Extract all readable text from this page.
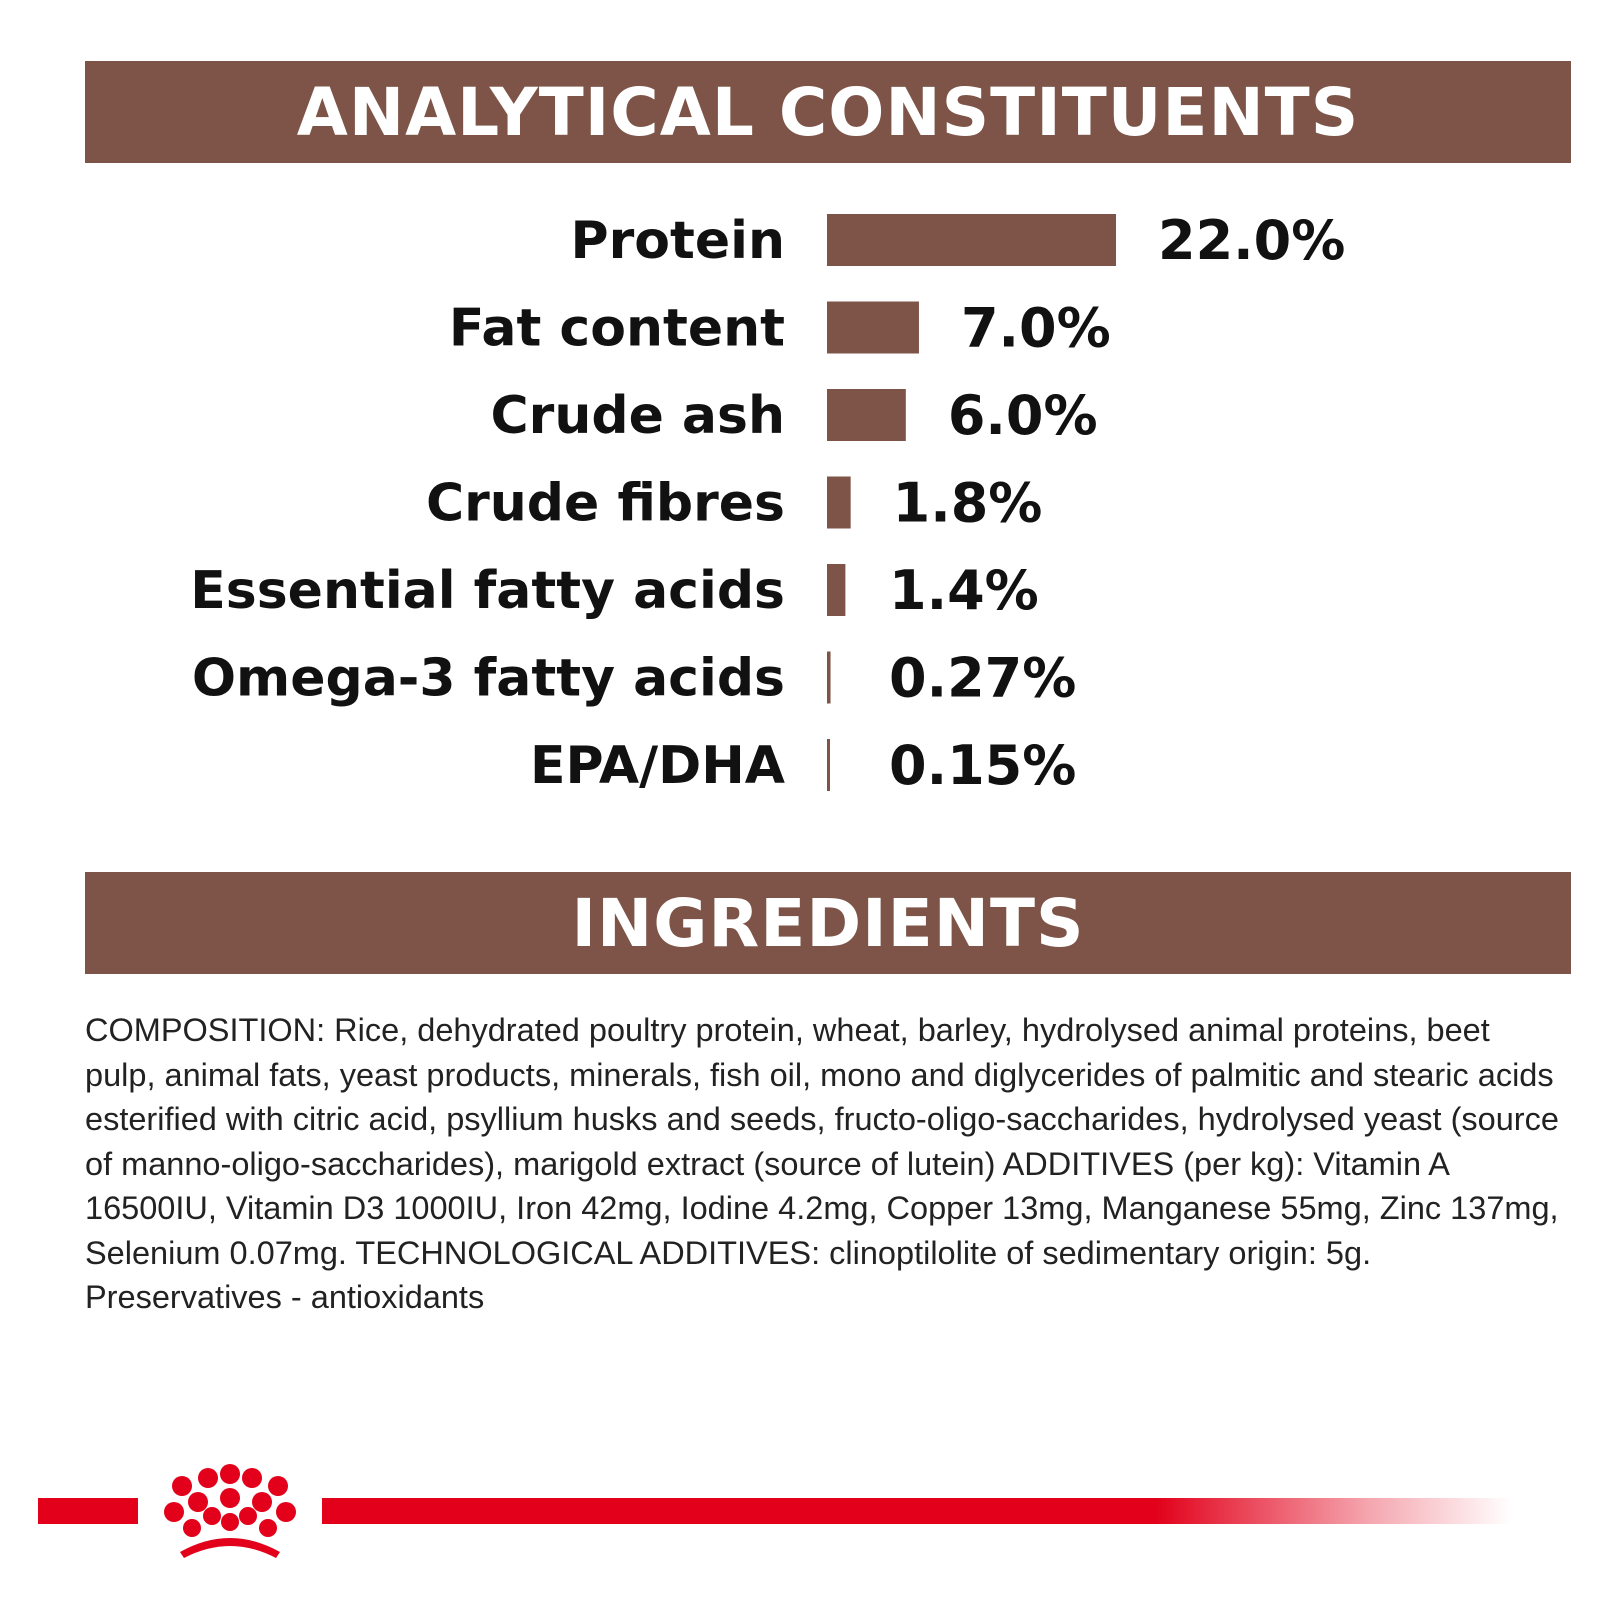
ANALYTICAL CONSTITUENTS
Protein	22.0%
Fat content	7.0%
Crude ash	6.0%
Crude fibres 1.8%
Essential fatty acids 1.4%
Omega-3 fatty acids 0.27%
EPA/DHA 0.15%
INGREDIENTS

COMPOSITION: Rice, dehydrated poultry protein, wheat, barley, hydrolysed animal proteins, beet pulp, animal fats, yeast products, minerals, fish oil, mono and diglycerides of palmitic and stearic acids esterified with citric acid, psyllium husks and seeds, fructo-oligo-saccharides, hydrolysed yeast (source of manno-oligo-saccharides), marigold extract (source of lutein) ADDITIVES (per kg): Vitamin A 16500IU, Vitamin D3 1000IU, Iron 42mg, Iodine 4.2mg, Copper 13mg, Manganese 55mg, Zinc 137mg, Selenium 0.07mg. TECHNOLOGICAL ADDITIVES: clinoptilolite of sedimentary origin: 5g. Preservatives - antioxidants
